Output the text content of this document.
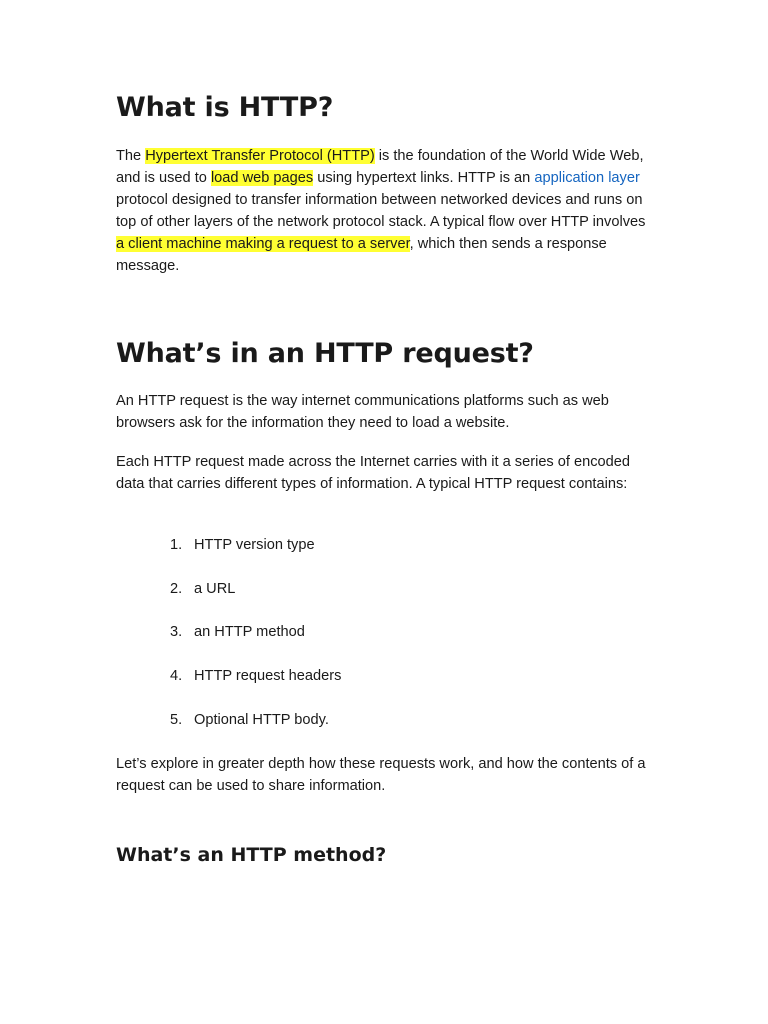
What is HTTP?

The Hypertext Transfer Protocol (HTTP) is the foundation of the World Wide Web, and is used to load web pages using hypertext links. HTTP is an application layer protocol designed to transfer information between networked devices and runs on top of other layers of the network protocol stack. A typical flow over HTTP involves a client machine making a request to a server, which then sends a response message.

What’s in an HTTP request?

An HTTP request is the way internet communications platforms such as web browsers ask for the information they need to load a website.

Each HTTP request made across the Internet carries with it a series of encoded data that carries different types of information. A typical HTTP request contains:

1. HTTP version type
2. a URL
3. an HTTP method
4. HTTP request headers
5. Optional HTTP body.

Let’s explore in greater depth how these requests work, and how the contents of a request can be used to share information.

What’s an HTTP method?
